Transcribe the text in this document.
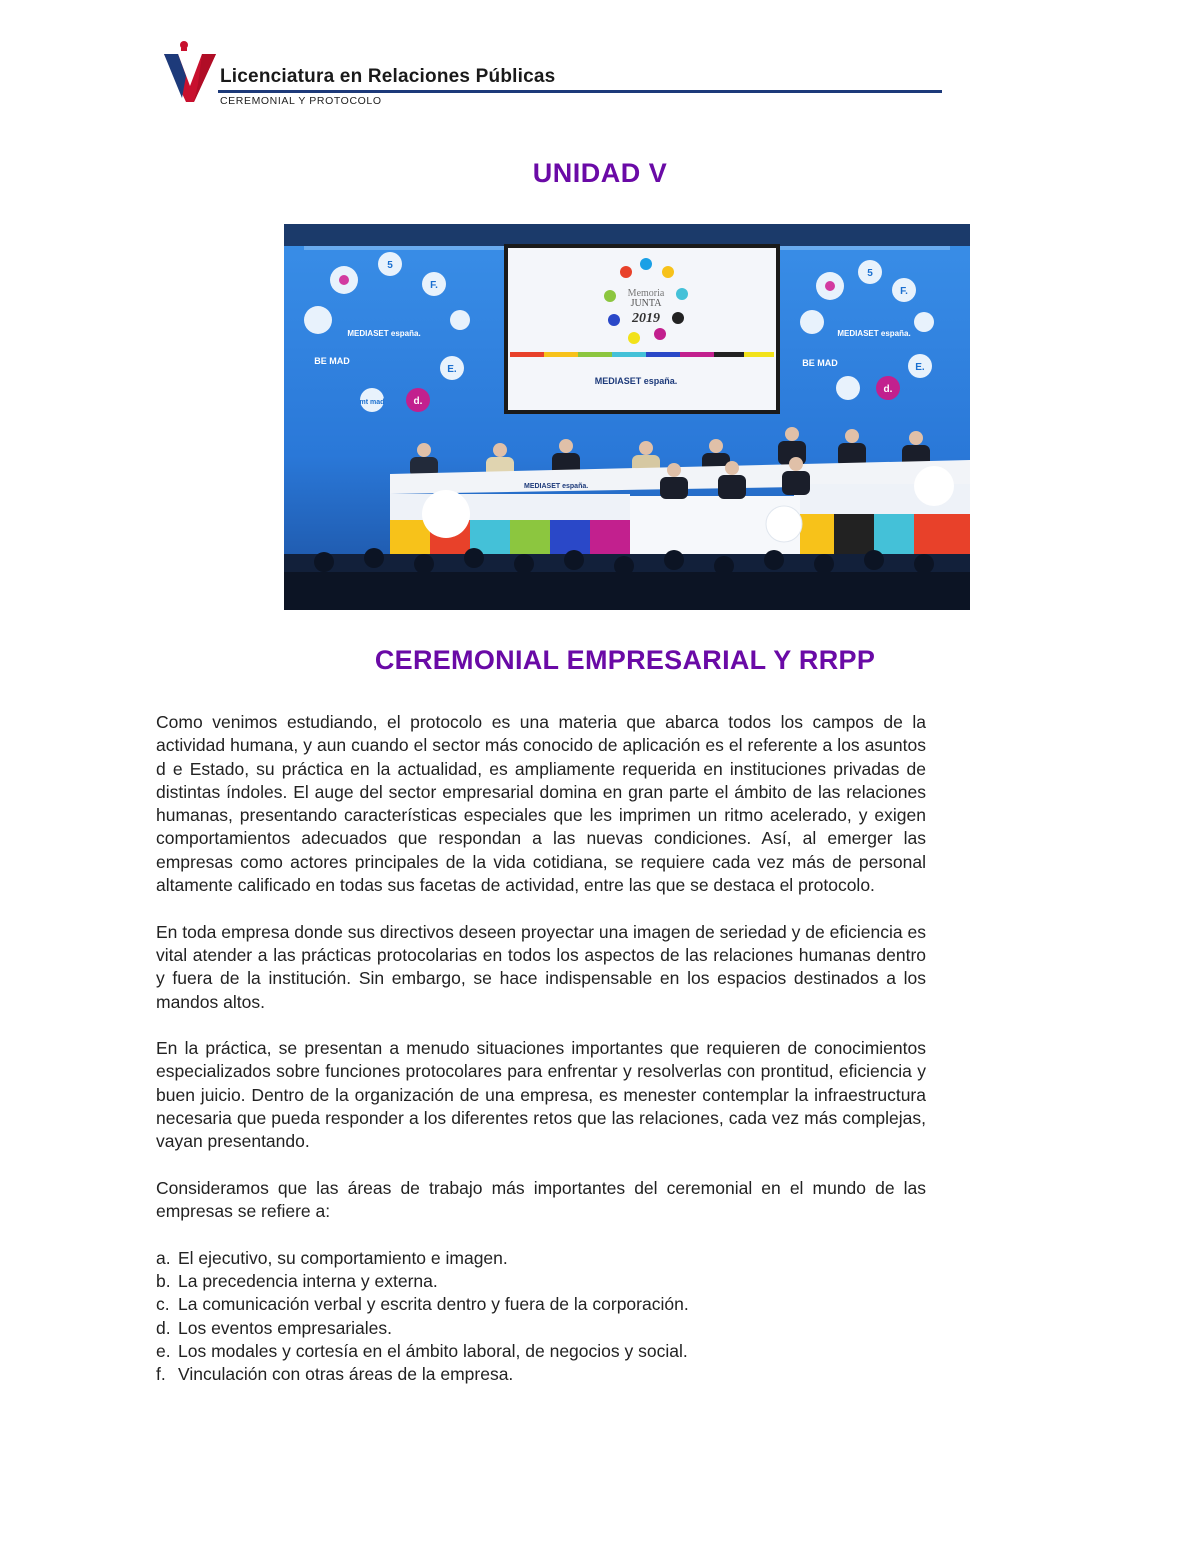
Licenciatura en Relaciones Públicas
CEREMONIAL Y PROTOCOLO
UNIDAD V
Memoria
JUNTA
2019
MEDIASET españa.
5
F.
MEDIASET españa.
BE MAD
E.
mt mad	d.
5
F.
MEDIASET españa.
BE MAD	E.
d.
MEDIASET españa.
CEREMONIAL EMPRESARIAL Y RRPP

Como venimos estudiando, el protocolo es una materia que abarca todos los campos de la actividad humana, y aun cuando el sector más conocido de aplicación es el referente a los asuntos d e Estado, su práctica en la actualidad, es ampliamente requerida en instituciones privadas de distintas índoles. El auge del sector empresarial domina en gran parte el ámbito de las relaciones humanas, presentando características especiales que les imprimen un ritmo acelerado, y exigen comportamientos adecuados que respondan a las nuevas condiciones. Así, al emerger las empresas como actores principales de la vida cotidiana, se requiere cada vez más de personal altamente calificado en todas sus facetas de actividad, entre las que se destaca el protocolo.

En toda empresa donde sus directivos deseen proyectar una imagen de seriedad y de eficiencia es vital atender a las prácticas protocolarias en todos los aspectos de las relaciones humanas dentro y fuera de la institución. Sin embargo, se hace indispensable en los espacios destinados a los mandos altos.

En la práctica, se presentan a menudo situaciones importantes que requieren de conocimientos especializados sobre funciones protocolares para enfrentar y resolverlas con prontitud, eficiencia y buen juicio. Dentro de la organización de una empresa, es menester contemplar la infraestructura necesaria que pueda responder a los diferentes retos que las relaciones, cada vez más complejas, vayan presentando.

Consideramos que las áreas de trabajo más importantes del ceremonial en el mundo de las empresas se refiere a:

a. El ejecutivo, su comportamiento e imagen.
b. La precedencia interna y externa.
c. La comunicación verbal y escrita dentro y fuera de la corporación.
d. Los eventos empresariales.
e. Los modales y cortesía en el ámbito laboral, de negocios y social.
f. Vinculación con otras áreas de la empresa.
